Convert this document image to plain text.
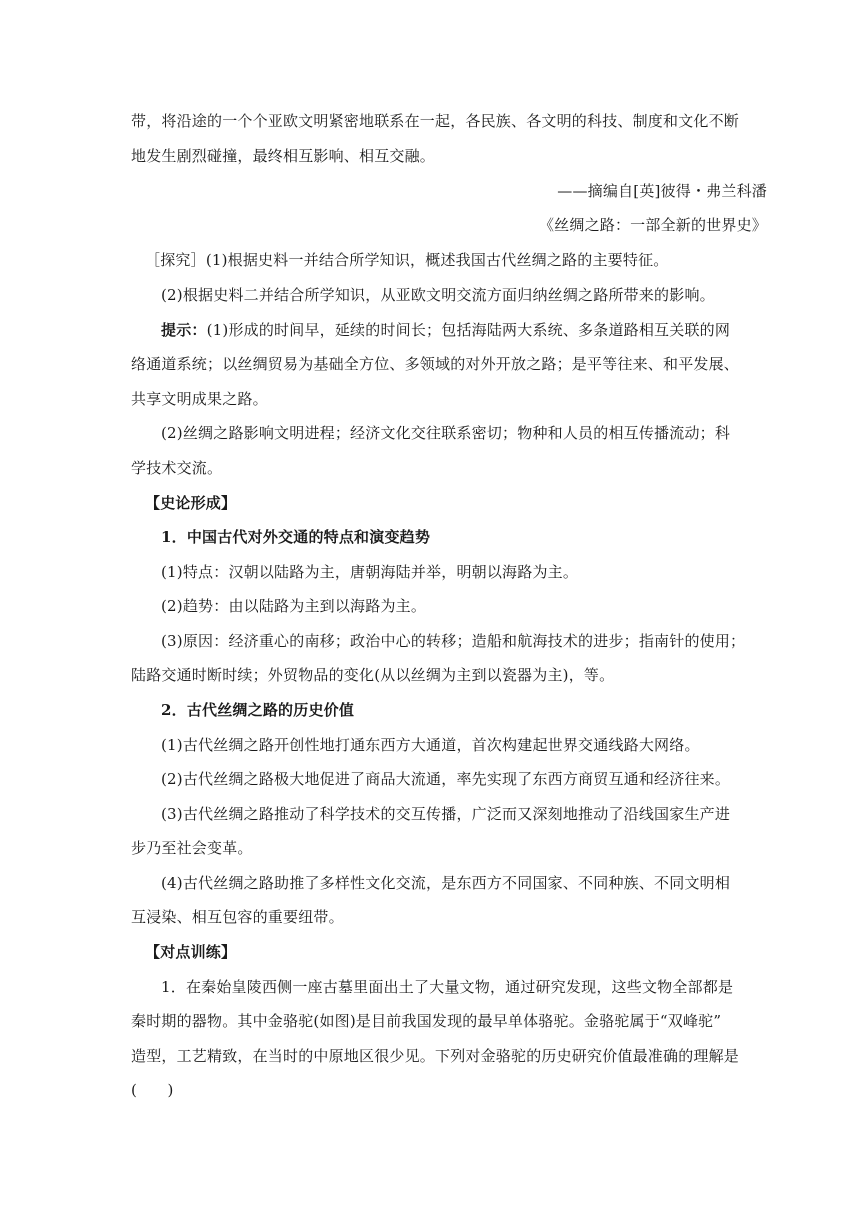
带，将沿途的一个个亚欧文明紧密地联系在一起，各民族、各文明的科技、制度和文化不断
地发生剧烈碰撞，最终相互影响、相互交融。
——摘编自[英]彼得・弗兰科潘
《丝绸之路：一部全新的世界史》
［探究］(1)根据史料一并结合所学知识，概述我国古代丝绸之路的主要特征。
(2)根据史料二并结合所学知识，从亚欧文明交流方面归纳丝绸之路所带来的影响。
提示：(1)形成的时间早，延续的时间长；包括海陆两大系统、多条道路相互关联的网
络通道系统；以丝绸贸易为基础全方位、多领域的对外开放之路；是平等往来、和平发展、
共享文明成果之路。
(2)丝绸之路影响文明进程；经济文化交往联系密切；物种和人员的相互传播流动；科
学技术交流。
【史论形成】
1．中国古代对外交通的特点和演变趋势
(1)特点：汉朝以陆路为主，唐朝海陆并举，明朝以海路为主。
(2)趋势：由以陆路为主到以海路为主。
(3)原因：经济重心的南移；政治中心的转移；造船和航海技术的进步；指南针的使用；
陆路交通时断时续；外贸物品的变化(从以丝绸为主到以瓷器为主)，等。
2．古代丝绸之路的历史价值
(1)古代丝绸之路开创性地打通东西方大通道，首次构建起世界交通线路大网络。
(2)古代丝绸之路极大地促进了商品大流通，率先实现了东西方商贸互通和经济往来。
(3)古代丝绸之路推动了科学技术的交互传播，广泛而又深刻地推动了沿线国家生产进
步乃至社会变革。
(4)古代丝绸之路助推了多样性文化交流，是东西方不同国家、不同种族、不同文明相
互浸染、相互包容的重要纽带。
【对点训练】
1．在秦始皇陵西侧一座古墓里面出土了大量文物，通过研究发现，这些文物全部都是
秦时期的器物。其中金骆驼(如图)是目前我国发现的最早单体骆驼。金骆驼属于“双峰驼”
造型，工艺精致，在当时的中原地区很少见。下列对金骆驼的历史研究价值最准确的理解是
(　　)
